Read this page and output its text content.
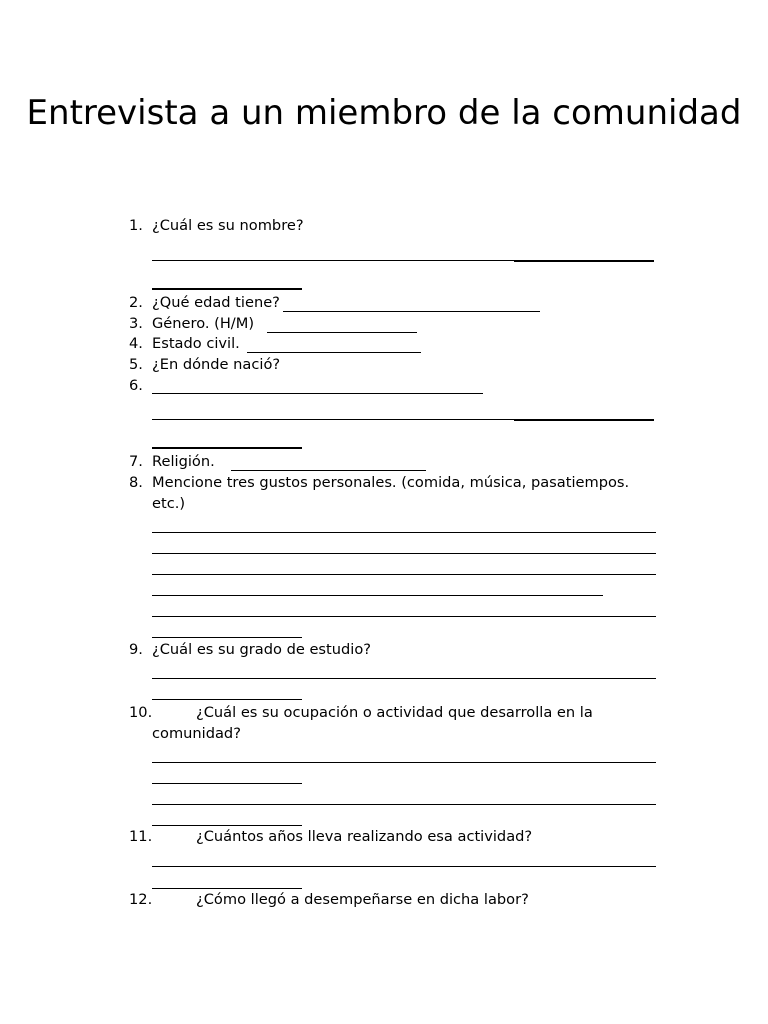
Entrevista a un miembro de la comunidad
1. ¿Cuál es su nombre?
2. ¿Qué edad tiene?
3. Género. (H/M)
4. Estado civil.
5. ¿En dónde nació?
6.
7. Religión.
8. Mencione tres gustos personales. (comida, música, pasatiempos.
etc.)
9. ¿Cuál es su grado de estudio?
10.	¿Cuál es su ocupación o actividad que desarrolla en la
comunidad?
11.	¿Cuántos años lleva realizando esa actividad?
12.	¿Cómo llegó a desempeñarse en dicha labor?
